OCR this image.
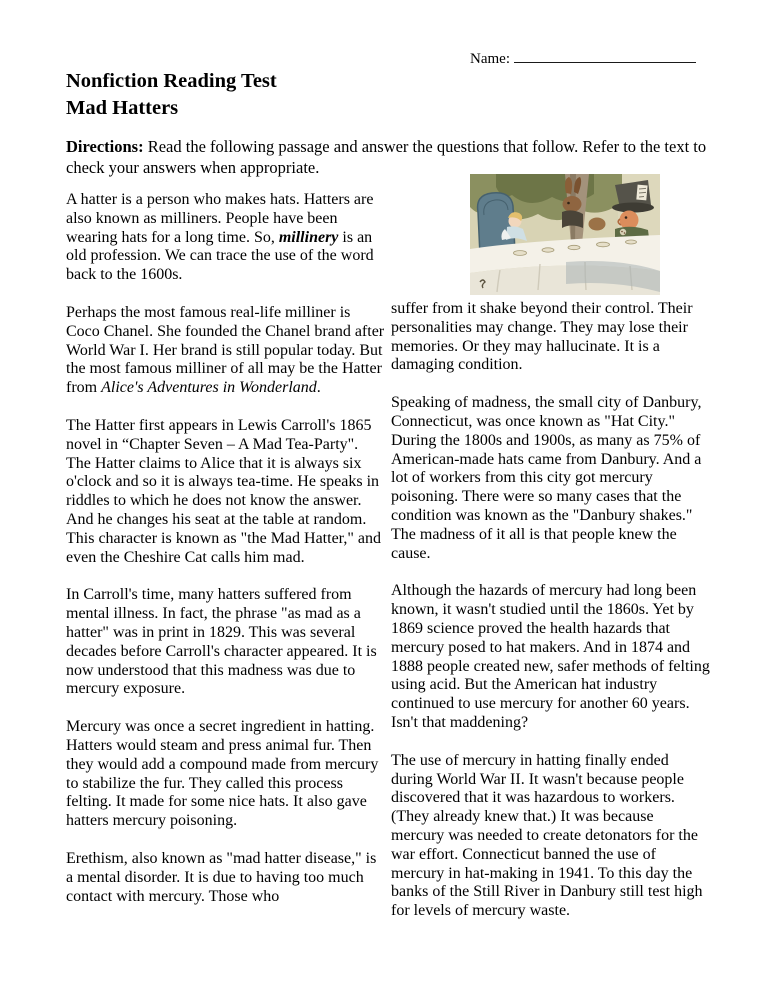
Name:
Nonfiction Reading Test
Mad Hatters
Directions: Read the following passage and answer the questions that follow. Refer to the text to check your answers when appropriate.

A hatter is a person who makes hats. Hatters are also known as milliners. People have been wearing hats for a long time. So, millinery is an old profession. We can trace the use of the word back to the 1600s.

Perhaps the most famous real-life milliner is Coco Chanel. She founded the Chanel brand after World War I. Her brand is still popular today. But the most famous milliner of all may be the Hatter from Alice's Adventures in Wonderland.

The Hatter first appears in Lewis Carroll's 1865 novel in “Chapter Seven – A Mad Tea-Party". The Hatter claims to Alice that it is always six o'clock and so it is always tea-time. He speaks in riddles to which he does not know the answer. And he changes his seat at the table at random. This character is known as "the Mad Hatter," and even the Cheshire Cat calls him mad.

In Carroll's time, many hatters suffered from mental illness. In fact, the phrase "as mad as a hatter" was in print in 1829. This was several decades before Carroll's character appeared. It is now understood that this madness was due to mercury exposure.

Mercury was once a secret ingredient in hatting. Hatters would steam and press animal fur. Then they would add a compound made from mercury to stabilize the fur. They called this process felting. It made for some nice hats. It also gave hatters mercury poisoning.

Erethism, also known as "mad hatter disease," is a mental disorder. It is due to having too much contact with mercury. Those who

suffer from it shake beyond their control. Their personalities may change. They may lose their memories. Or they may hallucinate. It is a damaging condition.

Speaking of madness, the small city of Danbury, Connecticut, was once known as "Hat City." During the 1800s and 1900s, as many as 75% of American-made hats came from Danbury. And a lot of workers from this city got mercury poisoning. There were so many cases that the condition was known as the "Danbury shakes." The madness of it all is that people knew the cause.

Although the hazards of mercury had long been known, it wasn't studied until the 1860s. Yet by 1869 science proved the health hazards that mercury posed to hat makers. And in 1874 and 1888 people created new, safer methods of felting using acid. But the American hat industry continued to use mercury for another 60 years. Isn't that maddening?

The use of mercury in hatting finally ended during World War II. It wasn't because people discovered that it was hazardous to workers. (They already knew that.) It was because mercury was needed to create detonators for the war effort. Connecticut banned the use of mercury in hat-making in 1941. To this day the banks of the Still River in Danbury still test high for levels of mercury waste.
